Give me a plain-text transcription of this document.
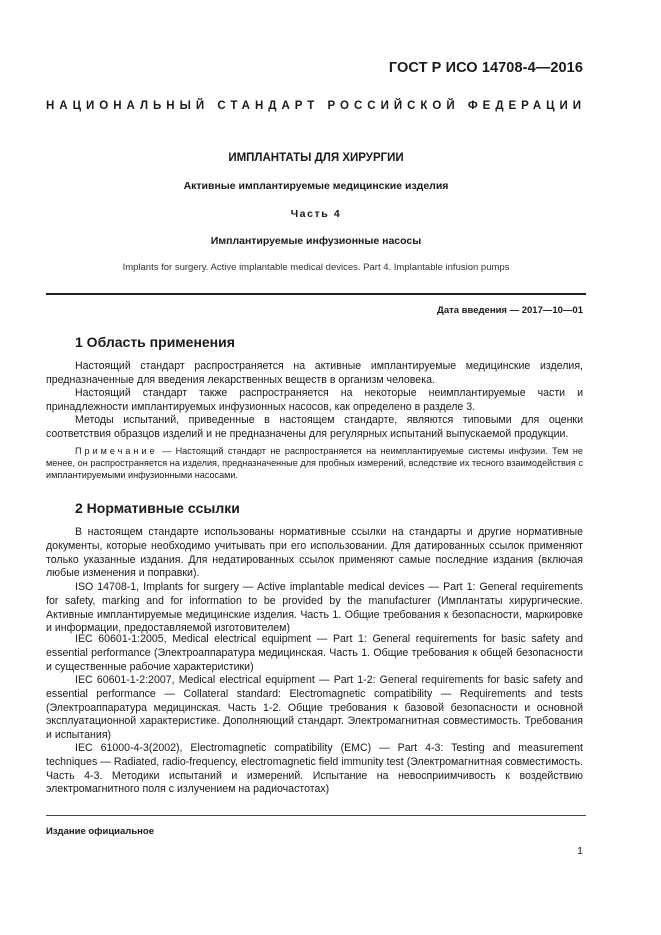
ГОСТ Р ИСО 14708-4—2016
НАЦИОНАЛЬНЫЙ СТАНДАРТ РОССИЙСКОЙ ФЕДЕРАЦИИ
ИМПЛАНТАТЫ ДЛЯ ХИРУРГИИ
Активные имплантируемые медицинские изделия
Часть 4
Имплантируемые инфузионные насосы
Implants for surgery. Active implantable medical devices. Part 4. Implantable infusion pumps
Дата введения — 2017—10—01
1 Область применения

Настоящий стандарт распространяется на активные имплантируемые медицинские изделия, предназначенные для введения лекарственных веществ в организм человека.

Настоящий стандарт также распространяется на некоторые неимплантируемые части и принадлежности имплантируемых инфузионных насосов, как определено в разделе 3.

Методы испытаний, приведенные в настоящем стандарте, являются типовыми для оценки соответствия образцов изделий и не предназначены для регулярных испытаний выпускаемой продукции.

Примечание — Настоящий стандарт не распространяется на неимплантируемые системы инфузии. Тем не менее, он распространяется на изделия, предназначенные для пробных измерений, вследствие их тесного взаимодействия с имплантируемыми инфузионными насосами.

2 Нормативные ссылки

В настоящем стандарте использованы нормативные ссылки на стандарты и другие нормативные документы, которые необходимо учитывать при его использовании. Для датированных ссылок применяют только указанные издания. Для недатированных ссылок применяют самые последние издания (включая любые изменения и поправки).

ISO 14708-1, Implants for surgery — Active implantable medical devices — Part 1: General requirements for safety, marking and for information to be provided by the manufacturer (Имплантаты хирургические. Активные имплантируемые медицинские изделия. Часть 1. Общие требования к безопасности, маркировке и информации, предоставляемой изготовителем)

IEC 60601-1:2005, Medical electrical equipment — Part 1: General requirements for basic safety and essential performance (Электроаппаратура медицинская. Часть 1. Общие требования к общей безопасности и существенные рабочие характеристики)

IEC 60601-1-2:2007, Medical electrical equipment — Part 1-2: General requirements for basic safety and essential performance — Collateral standard: Electromagnetic compatibility — Requirements and tests (Электроаппаратура медицинская. Часть 1-2. Общие требования к базовой безопасности и основной эксплуатационной характеристике. Дополняющий стандарт. Электромагнитная совместимость. Требования и испытания)

IEC 61000-4-3(2002), Electromagnetic compatibility (EMC) — Part 4-3: Testing and measurement techniques — Radiated, radio-frequency, electromagnetic field immunity test (Электромагнитная совместимость. Часть 4-3. Методики испытаний и измерений. Испытание на невосприимчивость к воздействию электромагнитного поля с излучением на радиочастотах)

Издание официальное
1
